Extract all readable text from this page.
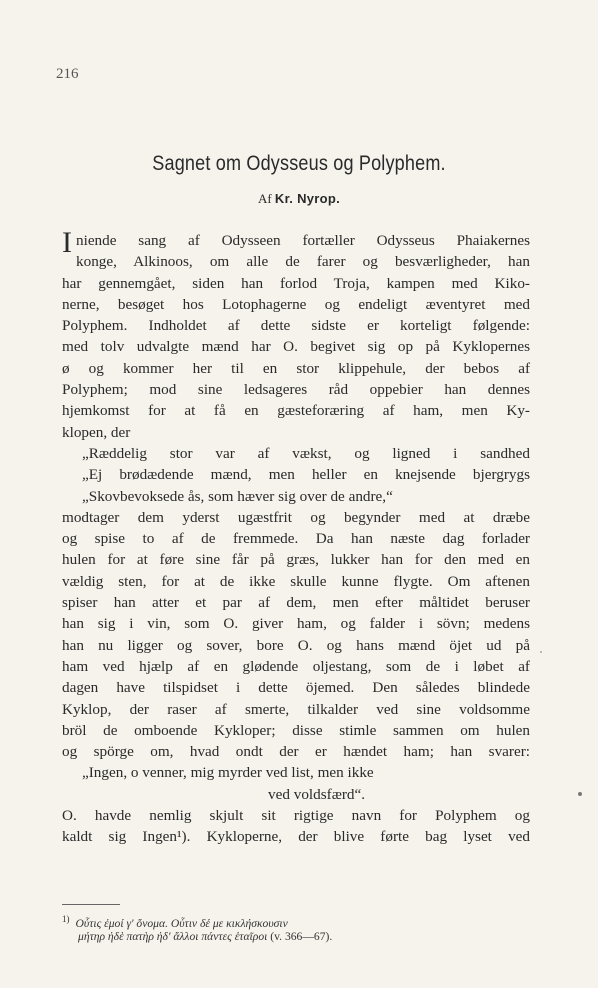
216
Sagnet om Odysseus og Polyphem.
Af Kr. Nyrop.
I niende sang af Odysseen fortæller Odysseus Phaiakernes
konge, Alkinoos, om alle de farer og besværligheder, han
har gennemgået, siden han forlod Troja, kampen med Kiko-
nerne, besøget hos Lotophagerne og endeligt æventyret med
Polyphem. Indholdet af dette sidste er korteligt følgende:
med tolv udvalgte mænd har O. begivet sig op på Kyklopernes
ø og kommer her til en stor klippehule, der bebos af
Polyphem; mod sine ledsageres råd oppebier han dennes
hjemkomst for at få en gæsteforæring af ham, men Ky-
klopen, der
„Ræddelig stor var af vækst, og ligned i sandhed
„Ej brødædende mænd, men heller en knejsende bjergrygs
„Skovbevoksede ås, som hæver sig over de andre,“
modtager dem yderst ugæstfrit og begynder med at dræbe
og spise to af de fremmede. Da han næste dag forlader
hulen for at føre sine får på græs, lukker han for den med en
vældig sten, for at de ikke skulle kunne flygte. Om aftenen
spiser han atter et par af dem, men efter måltidet beruser
han sig i vin, som O. giver ham, og falder i sövn; medens
han nu ligger og sover, bore O. og hans mænd öjet ud på
ham ved hjælp af en glødende oljestang, som de i løbet af
dagen have tilspidset i dette öjemed. Den således blindede
Kyklop, der raser af smerte, tilkalder ved sine voldsomme
bröl de omboende Kykloper; disse stimle sammen om hulen
og spörge om, hvad ondt der er hændet ham; han svarer:
„Ingen, o venner, mig myrder ved list, men ikke
ved voldsfærd“.
O. havde nemlig skjult sit rigtige navn for Polyphem og
kaldt sig Ingen¹). Kykloperne, der blive førte bag lyset ved
$^{1)}$ Οὖτις ἐμοί γ' ὄνομα. Οὖτιν δέ με κικλήσκουσιν
μήτηρ ἠδὲ πατὴρ ἠδ' ἄλλοι πάντες ἑταῖροι (v. 366—67).
